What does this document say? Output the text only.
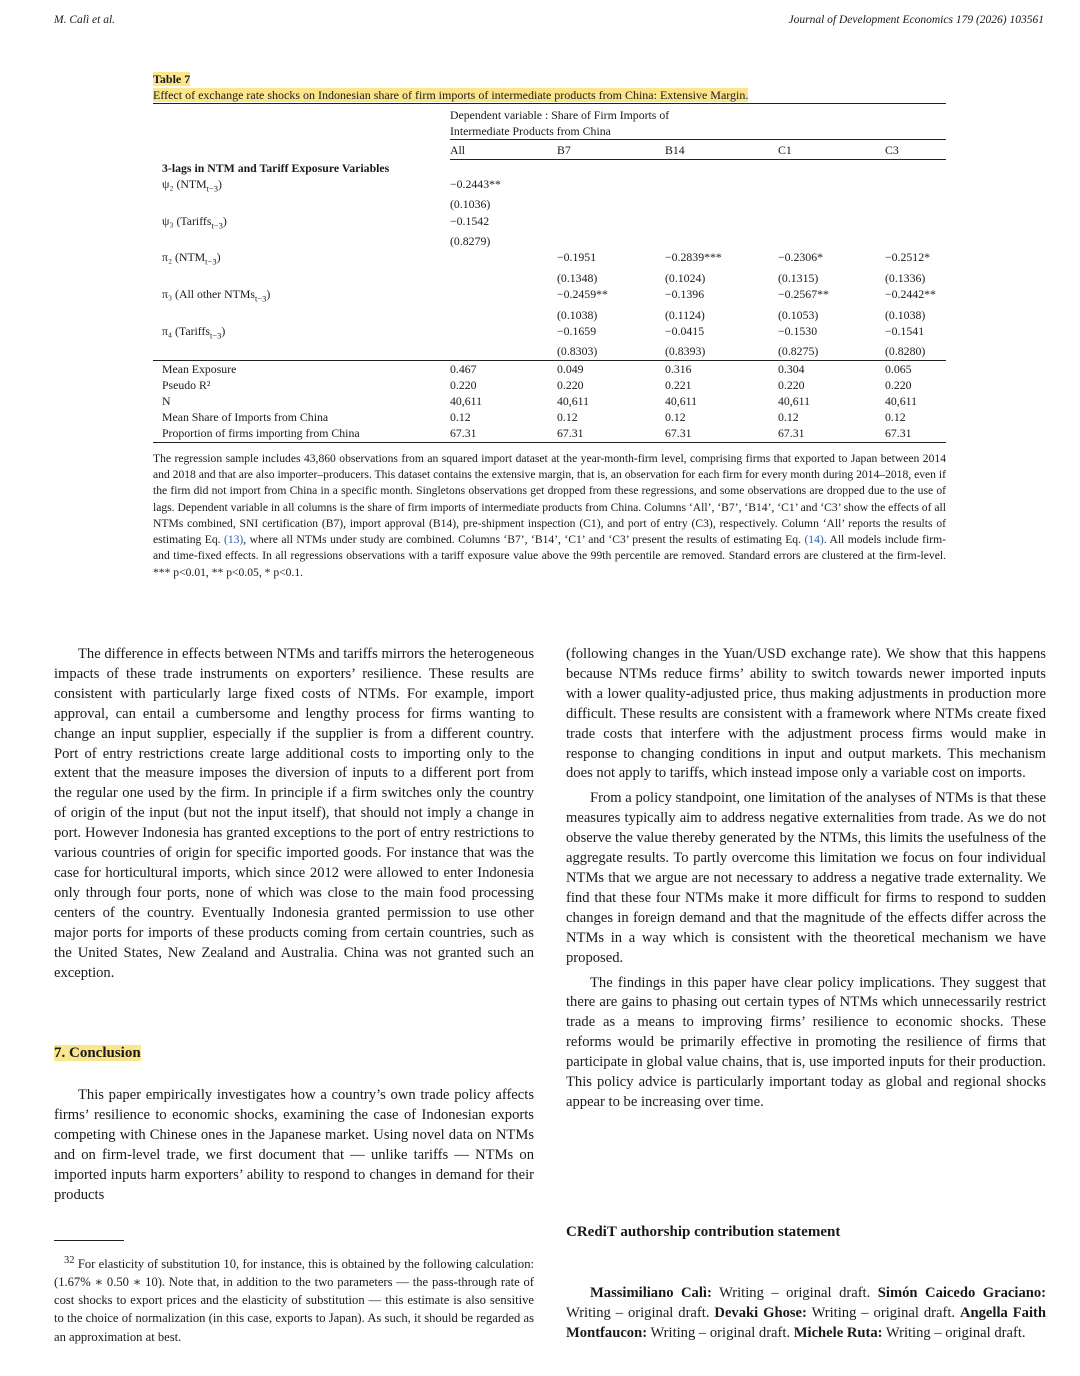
M. Calì et al.	Journal of Development Economics 179 (2026) 103561
Table 7
Effect of exchange rate shocks on Indonesian share of firm imports of intermediate products from China: Extensive Margin.

	Dependent variable : Share of Firm Imports of
Intermediate Products from China				

	All	B7	B14	C1	C3
3-lags in NTM and Tariff Exposure Variables					
ψ₂ $(NTM_{t-3})$	−0.2443**				
	(0.1036)				
ψ₃ (Tariffs$_{t-3}$)	−0.1542				
	(0.8279)				
π₂ $(NTM_{t-3})$		−0.1951	−0.2839***	−0.2306*	−0.2512*
		(0.1348)	(0.1024)	(0.1315)	(0.1336)
π₃ (All other NTMs$_{t-3}$)		−0.2459**	−0.1396	−0.2567**	−0.2442**
		(0.1038)	(0.1124)	(0.1053)	(0.1038)
π₄ (Tariffs$_{t-3}$)		−0.1659	−0.0415	−0.1530	−0.1541
		(0.8303)	(0.8393)	(0.8275)	(0.8280)
Mean Exposure	0.467	0.049	0.316	0.304	0.065
Pseudo R²	0.220	0.220	0.221	0.220	0.220
N	40,611	40,611	40,611	40,611	40,611
Mean Share of Imports from China	0.12	0.12	0.12	0.12	0.12
Proportion of firms importing from China	67.31	67.31	67.31	67.31	67.31
The regression sample includes 43,860 observations from an squared import dataset at the year-month-firm level, comprising firms that exported to Japan between 2014 and 2018 and that are also importer–producers. This dataset contains the extensive margin, that is, an observation for each firm for every month during 2014–2018, even if the firm did not import from China in a specific month. Singletons observations get dropped from these regressions, and some observations are dropped due to the use of lags. Dependent variable in all columns is the share of firm imports of intermediate products from China. Columns ‘All’, ‘B7’, ‘B14’, ‘C1’ and ‘C3’ show the effects of all NTMs combined, SNI certification (B7), import approval (B14), pre-shipment inspection (C1), and port of entry (C3), respectively. Column ‘All’ reports the results of estimating Eq. (13), where all NTMs under study are combined. Columns ‘B7’, ‘B14’, ‘C1’ and ‘C3’ present the results of estimating Eq. (14). All models include firm- and time-fixed effects. In all regressions observations with a tariff exposure value above the 99th percentile are removed. Standard errors are clustered at the firm-level. *** p<0.01, ** p<0.05, * p<0.1.

The difference in effects between NTMs and tariffs mirrors the heterogeneous impacts of these trade instruments on exporters’ resilience. These results are consistent with particularly large fixed costs of NTMs. For example, import approval, can entail a cumbersome and lengthy process for firms wanting to change an input supplier, especially if the supplier is from a different country. Port of entry restrictions create large additional costs to importing only to the extent that the measure imposes the diversion of inputs to a different port from the regular one used by the firm. In principle if a firm switches only the country of origin of the input (but not the input itself), that should not imply a change in port. However Indonesia has granted exceptions to the port of entry restrictions to various countries of origin for specific imported goods. For instance that was the case for horticultural imports, which since 2012 were allowed to enter Indonesia only through four ports, none of which was close to the main food processing centers of the country. Eventually Indonesia granted permission to use other major ports for imports of these products coming from certain countries, such as the United States, New Zealand and Australia. China was not granted such an exception.

7. Conclusion

This paper empirically investigates how a country’s own trade policy affects firms’ resilience to economic shocks, examining the case of Indonesian exports competing with Chinese ones in the Japanese market. Using novel data on NTMs and on firm-level trade, we first document that — unlike tariffs — NTMs on imported inputs harm exporters’ ability to respond to changes in demand for their products

(following changes in the Yuan/USD exchange rate). We show that this happens because NTMs reduce firms’ ability to switch towards newer imported inputs with a lower quality-adjusted price, thus making adjustments in production more difficult. These results are consistent with a framework where NTMs create fixed trade costs that interfere with the adjustment process firms would make in response to changing conditions in input and output markets. This mechanism does not apply to tariffs, which instead impose only a variable cost on imports.

From a policy standpoint, one limitation of the analyses of NTMs is that these measures typically aim to address negative externalities from trade. As we do not observe the value thereby generated by the NTMs, this limits the usefulness of the aggregate results. To partly overcome this limitation we focus on four individual NTMs that we argue are not necessary to address a negative trade externality. We find that these four NTMs make it more difficult for firms to respond to sudden changes in foreign demand and that the magnitude of the effects differ across the NTMs in a way which is consistent with the theoretical mechanism we have proposed.

The findings in this paper have clear policy implications. They suggest that there are gains to phasing out certain types of NTMs which unnecessarily restrict trade as a means to improving firms’ resilience to economic shocks. These reforms would be primarily effective in promoting the resilience of firms that participate in global value chains, that is, use imported inputs for their production. This policy advice is particularly important today as global and regional shocks appear to be increasing over time.

$^{32}$ For elasticity of substitution 10, for instance, this is obtained by the following calculation: (1.67% ∗ 0.50 ∗ 10). Note that, in addition to the two parameters — the pass-through rate of cost shocks to export prices and the elasticity of substitution — this estimate is also sensitive to the choice of normalization (in this case, exports to Japan). As such, it should be regarded as an approximation at best.
CRediT authorship contribution statement
Massimiliano Calì: Writing – original draft. Simón Caicedo Graciano: Writing – original draft. Devaki Ghose: Writing – original draft. Angella Faith Montfaucon: Writing – original draft. Michele Ruta: Writing – original draft.
